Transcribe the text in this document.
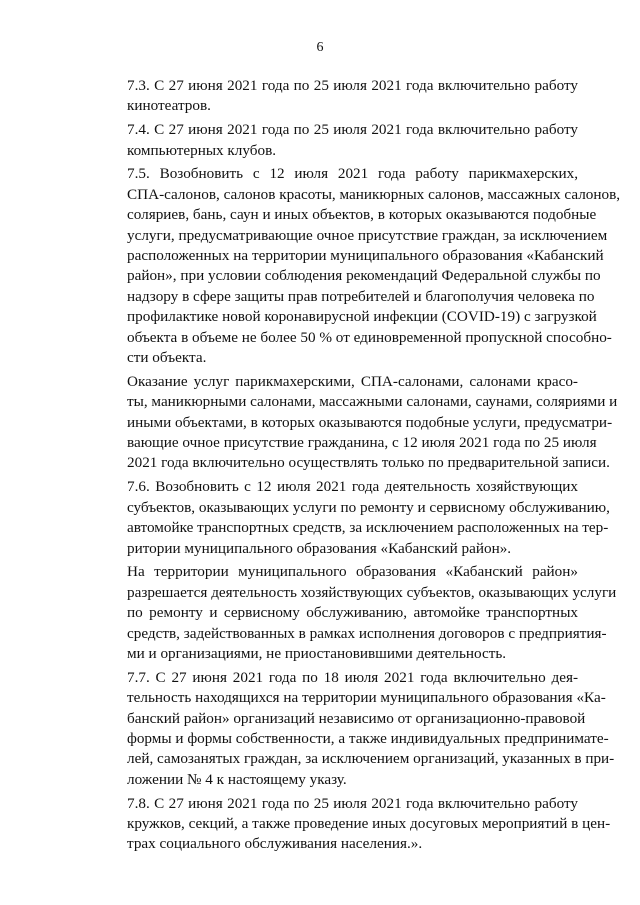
6
7.3. С 27 июня 2021 года по 25 июля 2021 года включительно работу
кинотеатров.
7.4. С 27 июня 2021 года по 25 июля 2021 года включительно работу
компьютерных клубов.
7.5. Возобновить с 12 июля 2021 года работу парикмахерских,
СПА-салонов, салонов красоты, маникюрных салонов, массажных салонов,
соляриев, бань, саун и иных объектов, в которых оказываются подобные
услуги, предусматривающие очное присутствие граждан, за исключением
расположенных на территории муниципального образования «Кабанский
район», при условии соблюдения рекомендаций Федеральной службы по
надзору в сфере защиты прав потребителей и благополучия человека по
профилактике новой коронавирусной инфекции (COVID-19) с загрузкой
объекта в объеме не более 50 % от единовременной пропускной способно-
сти объекта.
Оказание услуг парикмахерскими, СПА-салонами, салонами красо-
ты, маникюрными салонами, массажными салонами, саунами, соляриями и
иными объектами, в которых оказываются подобные услуги, предусматри-
вающие очное присутствие гражданина, с 12 июля 2021 года по 25 июля
2021 года включительно осуществлять только по предварительной записи.
7.6. Возобновить с 12 июля 2021 года деятельность хозяйствующих
субъектов, оказывающих услуги по ремонту и сервисному обслуживанию,
автомойке транспортных средств, за исключением расположенных на тер-
ритории муниципального образования «Кабанский район».
На территории муниципального образования «Кабанский район»
разрешается деятельность хозяйствующих субъектов, оказывающих услуги
по ремонту и сервисному обслуживанию, автомойке транспортных
средств, задействованных в рамках исполнения договоров с предприятия-
ми и организациями, не приостановившими деятельность.
7.7. С 27 июня 2021 года по 18 июля 2021 года включительно дея-
тельность находящихся на территории муниципального образования «Ка-
банский район» организаций независимо от организационно-правовой
формы и формы собственности, а также индивидуальных предпринимате-
лей, самозанятых граждан, за исключением организаций, указанных в при-
ложении № 4 к настоящему указу.
7.8. С 27 июня 2021 года по 25 июля 2021 года включительно работу
кружков, секций, а также проведение иных досуговых мероприятий в цен-
трах социального обслуживания населения.».
